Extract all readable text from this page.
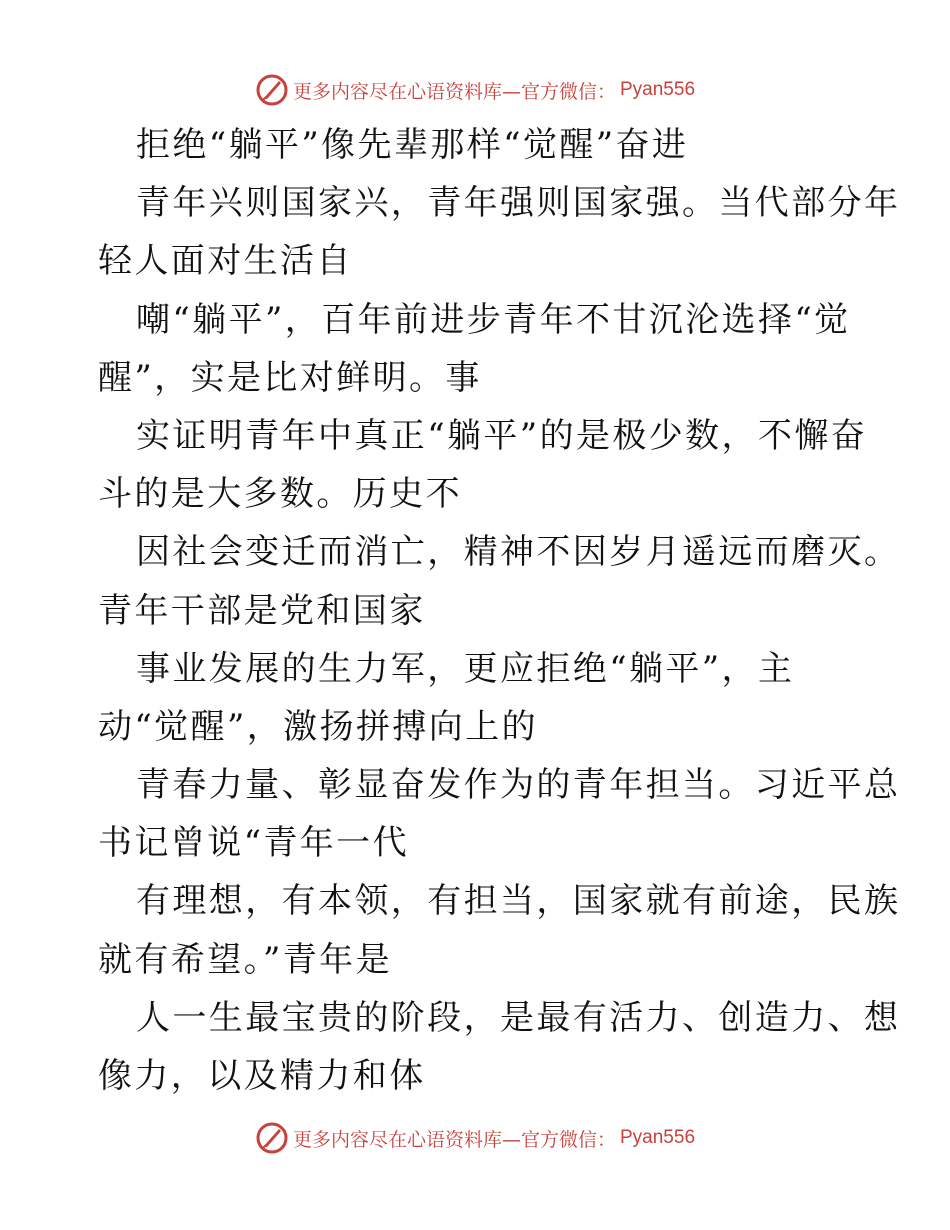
更多内容尽在心语资料库—官方微信： Pyan556
拒绝“躺平”像先辈那样“觉醒”奋进
青年兴则国家兴，青年强则国家强。当代部分年
轻人面对生活自
嘲“躺平”，百年前进步青年不甘沉沦选择“觉
醒”，实是比对鲜明。事
实证明青年中真正“躺平”的是极少数，不懈奋
斗的是大多数。历史不
因社会变迁而消亡，精神不因岁月遥远而磨灭。
青年干部是党和国家
事业发展的生力军，更应拒绝“躺平”，主
动“觉醒”，激扬拼搏向上的
青春力量、彰显奋发作为的青年担当。习近平总
书记曾说“青年一代
有理想，有本领，有担当，国家就有前途，民族
就有希望。”青年是
人一生最宝贵的阶段，是最有活力、创造力、想
像力，以及精力和体
更多内容尽在心语资料库—官方微信： Pyan556
